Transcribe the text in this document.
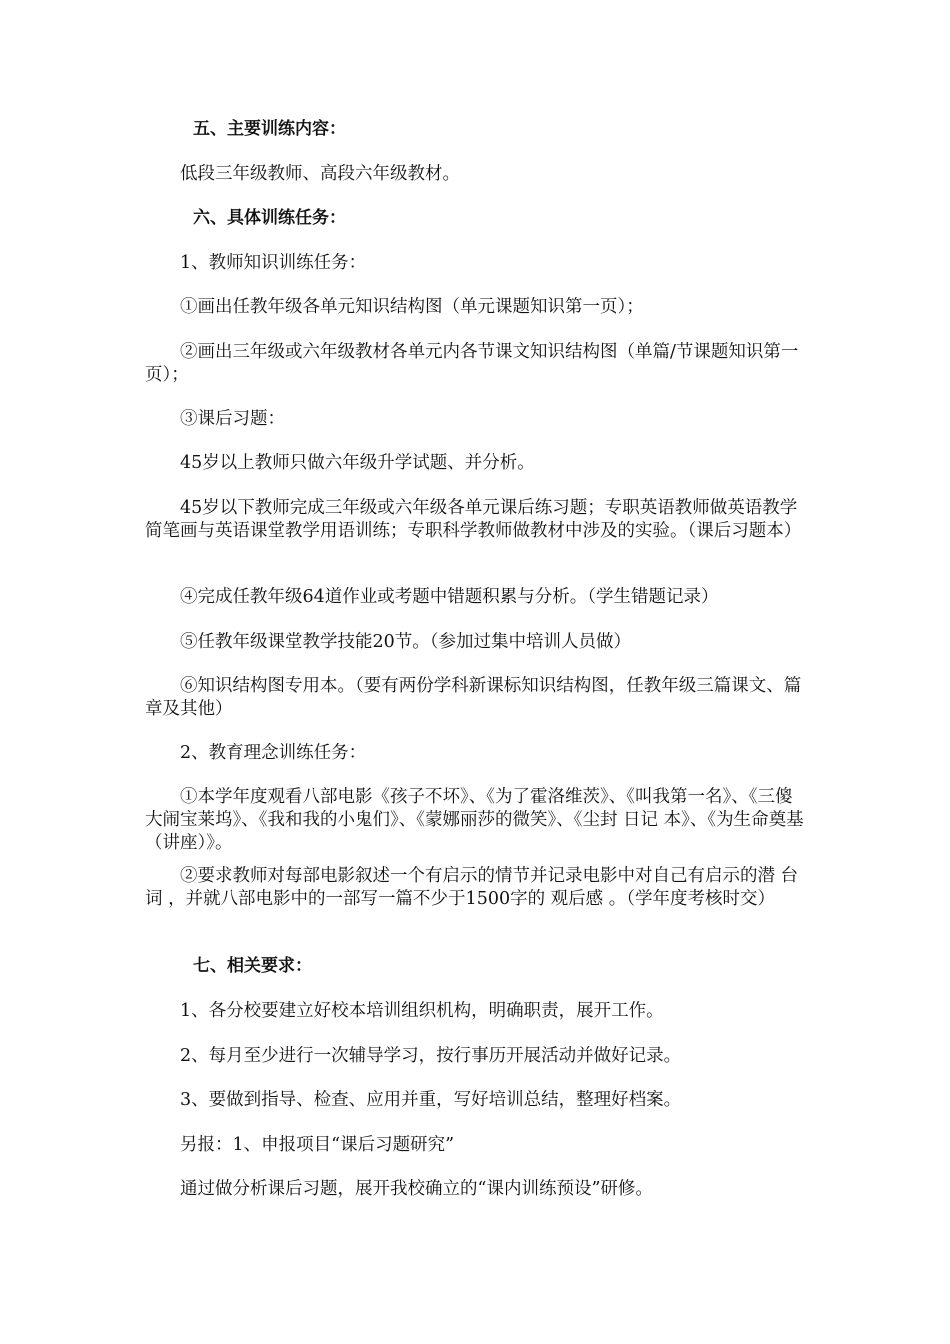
五、主要训练内容：

低段三年级教师、高段六年级教材。

六、具体训练任务：

1、教师知识训练任务：

①画出任教年级各单元知识结构图（单元课题知识第一页）；

②画出三年级或六年级教材各单元内各节课文知识结构图（单篇/节课题知识第一页）；

③课后习题：

45岁以上教师只做六年级升学试题、并分析。

45岁以下教师完成三年级或六年级各单元课后练习题；专职英语教师做英语教学简笔画与英语课堂教学用语训练；专职科学教师做教材中涉及的实验。（课后习题本）

④完成任教年级64道作业或考题中错题积累与分析。（学生错题记录）

⑤任教年级课堂教学技能20节。（参加过集中培训人员做）

⑥知识结构图专用本。（要有两份学科新课标知识结构图，任教年级三篇课文、篇章及其他）

2、教育理念训练任务：

①本学年度观看八部电影《孩子不坏》、《为了霍洛维茨》、《叫我第一名》、《三傻大闹宝莱坞》、《我和我的小鬼们》、《蒙娜丽莎的微笑》、《尘封 日记 本》、《为生命奠基（讲座）》。

②要求教师对每部电影叙述一个有启示的情节并记录电影中对自己有启示的潜 台词 ，并就八部电影中的一部写一篇不少于1500字的 观后感 。（学年度考核时交）

七、相关要求：

1、各分校要建立好校本培训组织机构，明确职责，展开工作。

2、每月至少进行一次辅导学习，按行事历开展活动并做好记录。

3、要做到指导、检查、应用并重，写好培训总结，整理好档案。

另报：1、申报项目“课后习题研究”

通过做分析课后习题，展开我校确立的“课内训练预设”研修。
